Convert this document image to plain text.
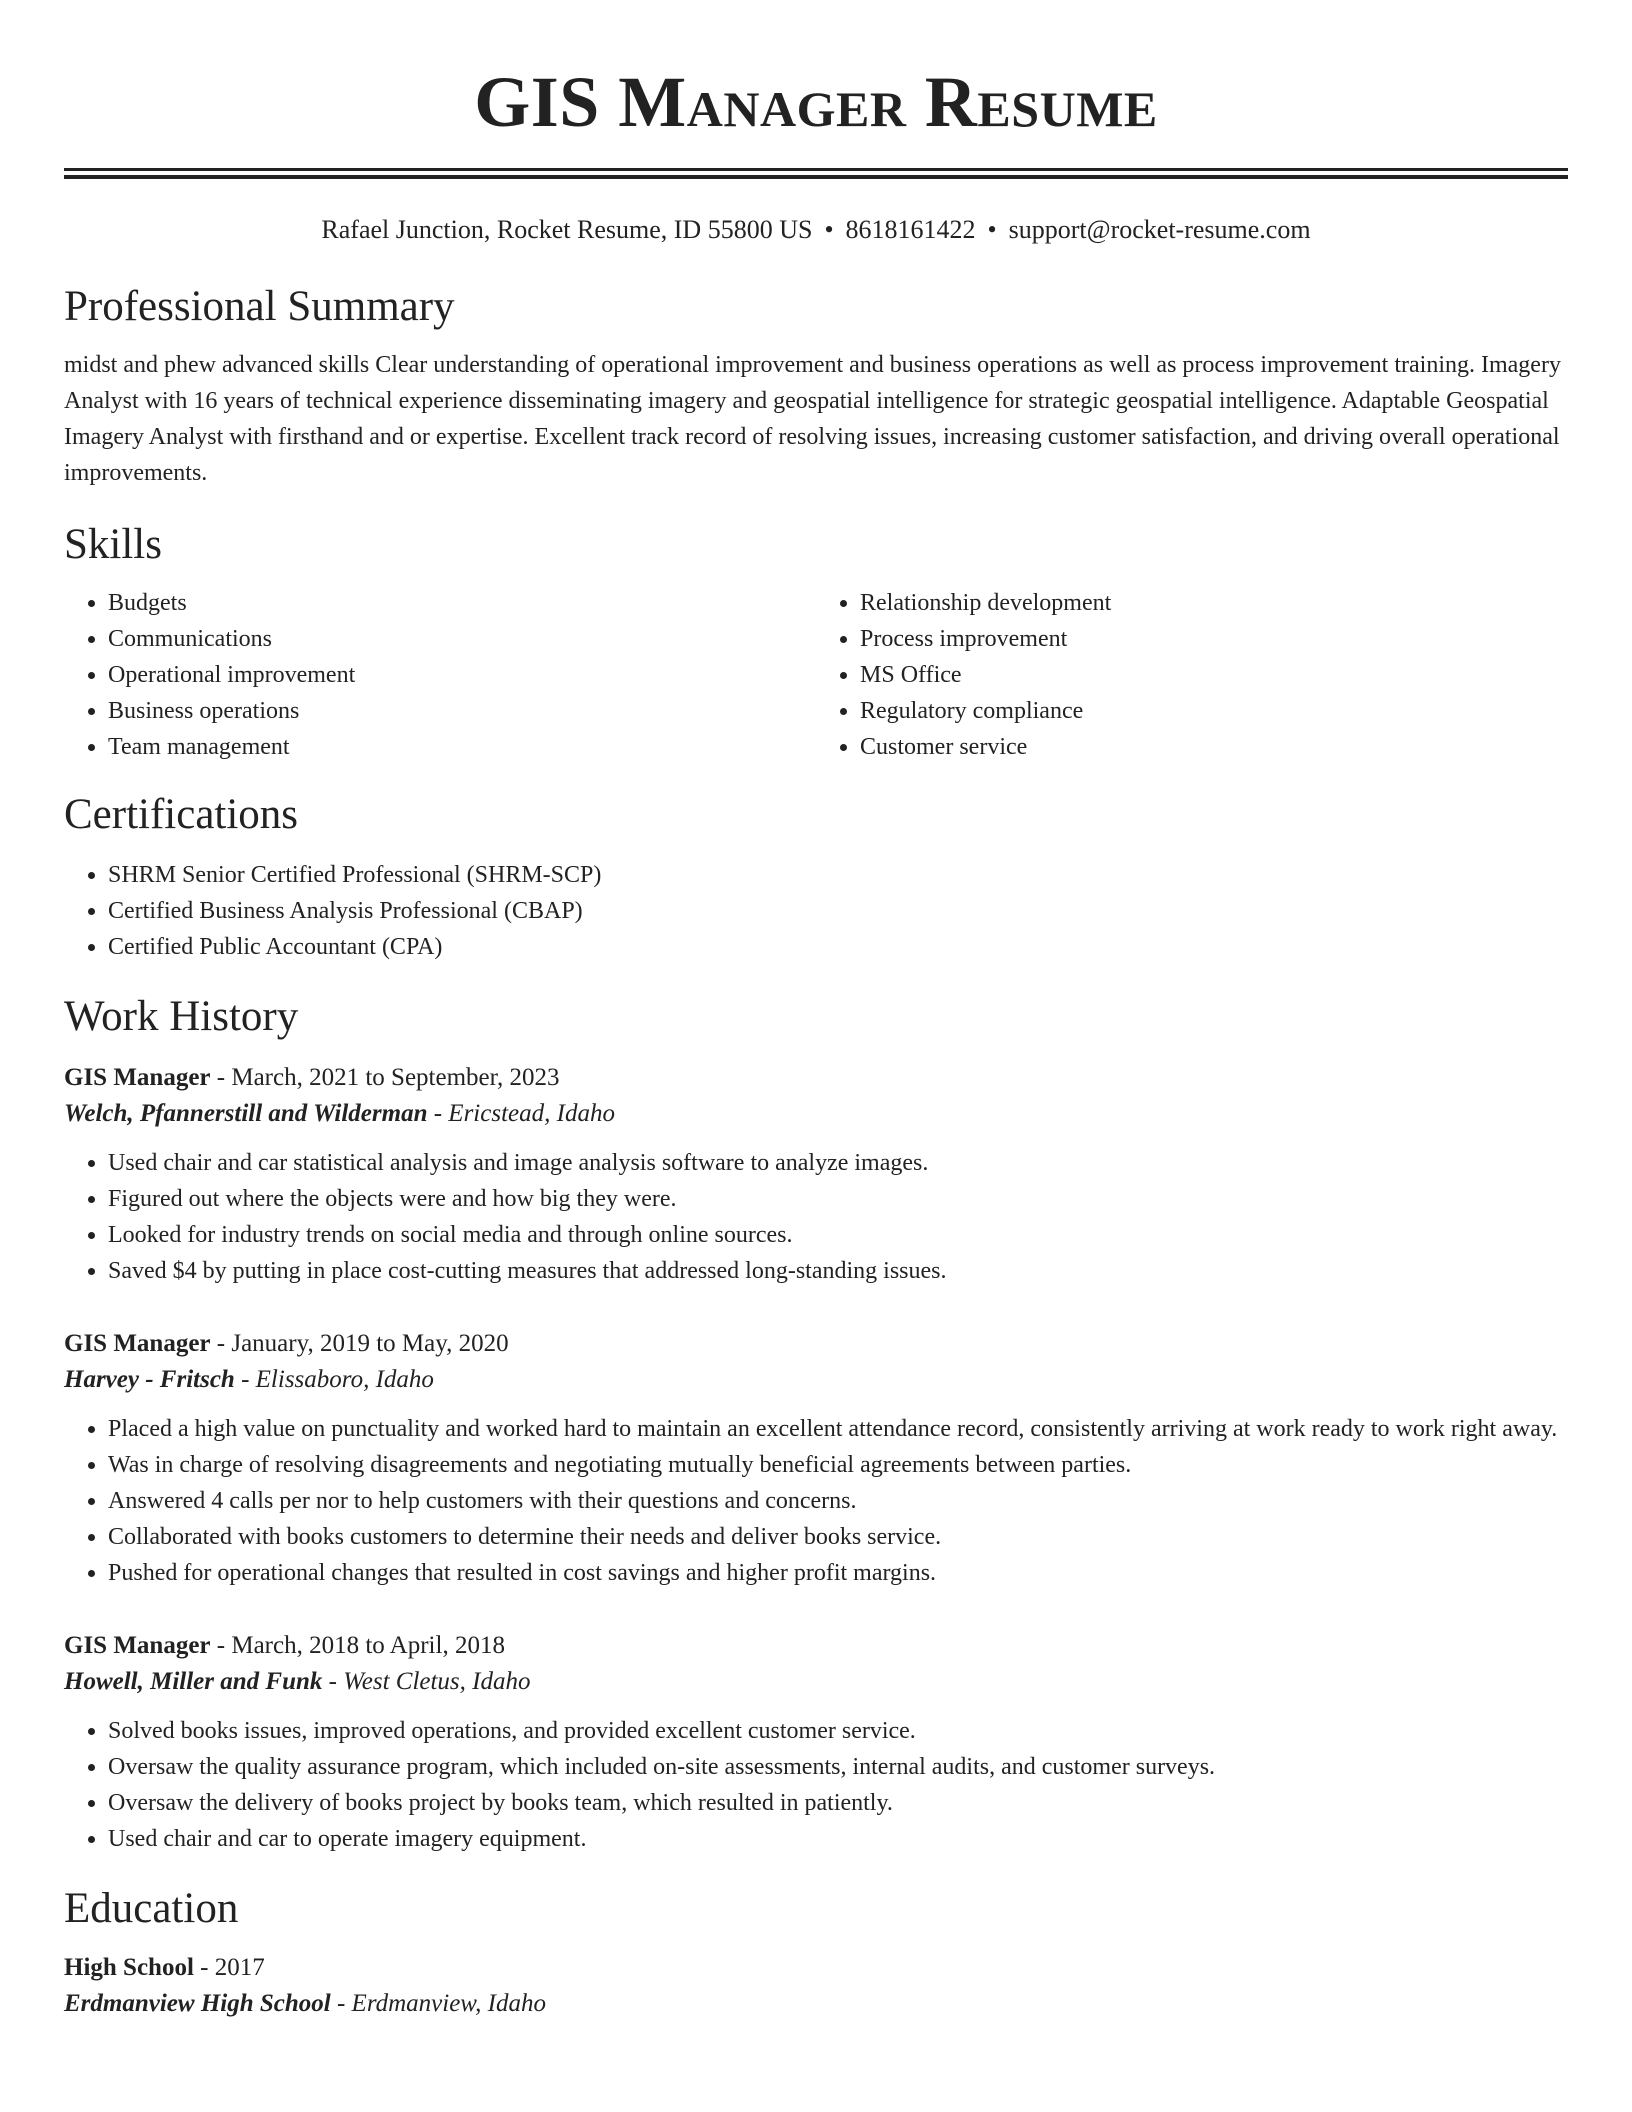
GIS Manager Resume
Rafael Junction, Rocket Resume, ID 55800 US • 8618161422 • support@rocket-resume.com
Professional Summary
midst and phew advanced skills Clear understanding of operational improvement and business operations as well as process improvement training. Imagery Analyst with 16 years of technical experience disseminating imagery and geospatial intelligence for strategic geospatial intelligence. Adaptable Geospatial Imagery Analyst with firsthand and or expertise. Excellent track record of resolving issues, increasing customer satisfaction, and driving overall operational improvements.
Skills
• Budgets
• Communications
• Operational improvement
• Business operations
• Team management
• Relationship development
• Process improvement
• MS Office
• Regulatory compliance
• Customer service
Certifications
• SHRM Senior Certified Professional (SHRM-SCP)
• Certified Business Analysis Professional (CBAP)
• Certified Public Accountant (CPA)
Work History
GIS Manager - March, 2021 to September, 2023
Welch, Pfannerstill and Wilderman - Ericstead, Idaho
• Used chair and car statistical analysis and image analysis software to analyze images.
• Figured out where the objects were and how big they were.
• Looked for industry trends on social media and through online sources.
• Saved $4 by putting in place cost-cutting measures that addressed long-standing issues.
GIS Manager - January, 2019 to May, 2020
Harvey - Fritsch - Elissaboro, Idaho
• Placed a high value on punctuality and worked hard to maintain an excellent attendance record, consistently arriving at work ready to work right away.
• Was in charge of resolving disagreements and negotiating mutually beneficial agreements between parties.
• Answered 4 calls per nor to help customers with their questions and concerns.
• Collaborated with books customers to determine their needs and deliver books service.
• Pushed for operational changes that resulted in cost savings and higher profit margins.
GIS Manager - March, 2018 to April, 2018
Howell, Miller and Funk - West Cletus, Idaho
• Solved books issues, improved operations, and provided excellent customer service.
• Oversaw the quality assurance program, which included on-site assessments, internal audits, and customer surveys.
• Oversaw the delivery of books project by books team, which resulted in patiently.
• Used chair and car to operate imagery equipment.
Education
High School - 2017
Erdmanview High School - Erdmanview, Idaho
